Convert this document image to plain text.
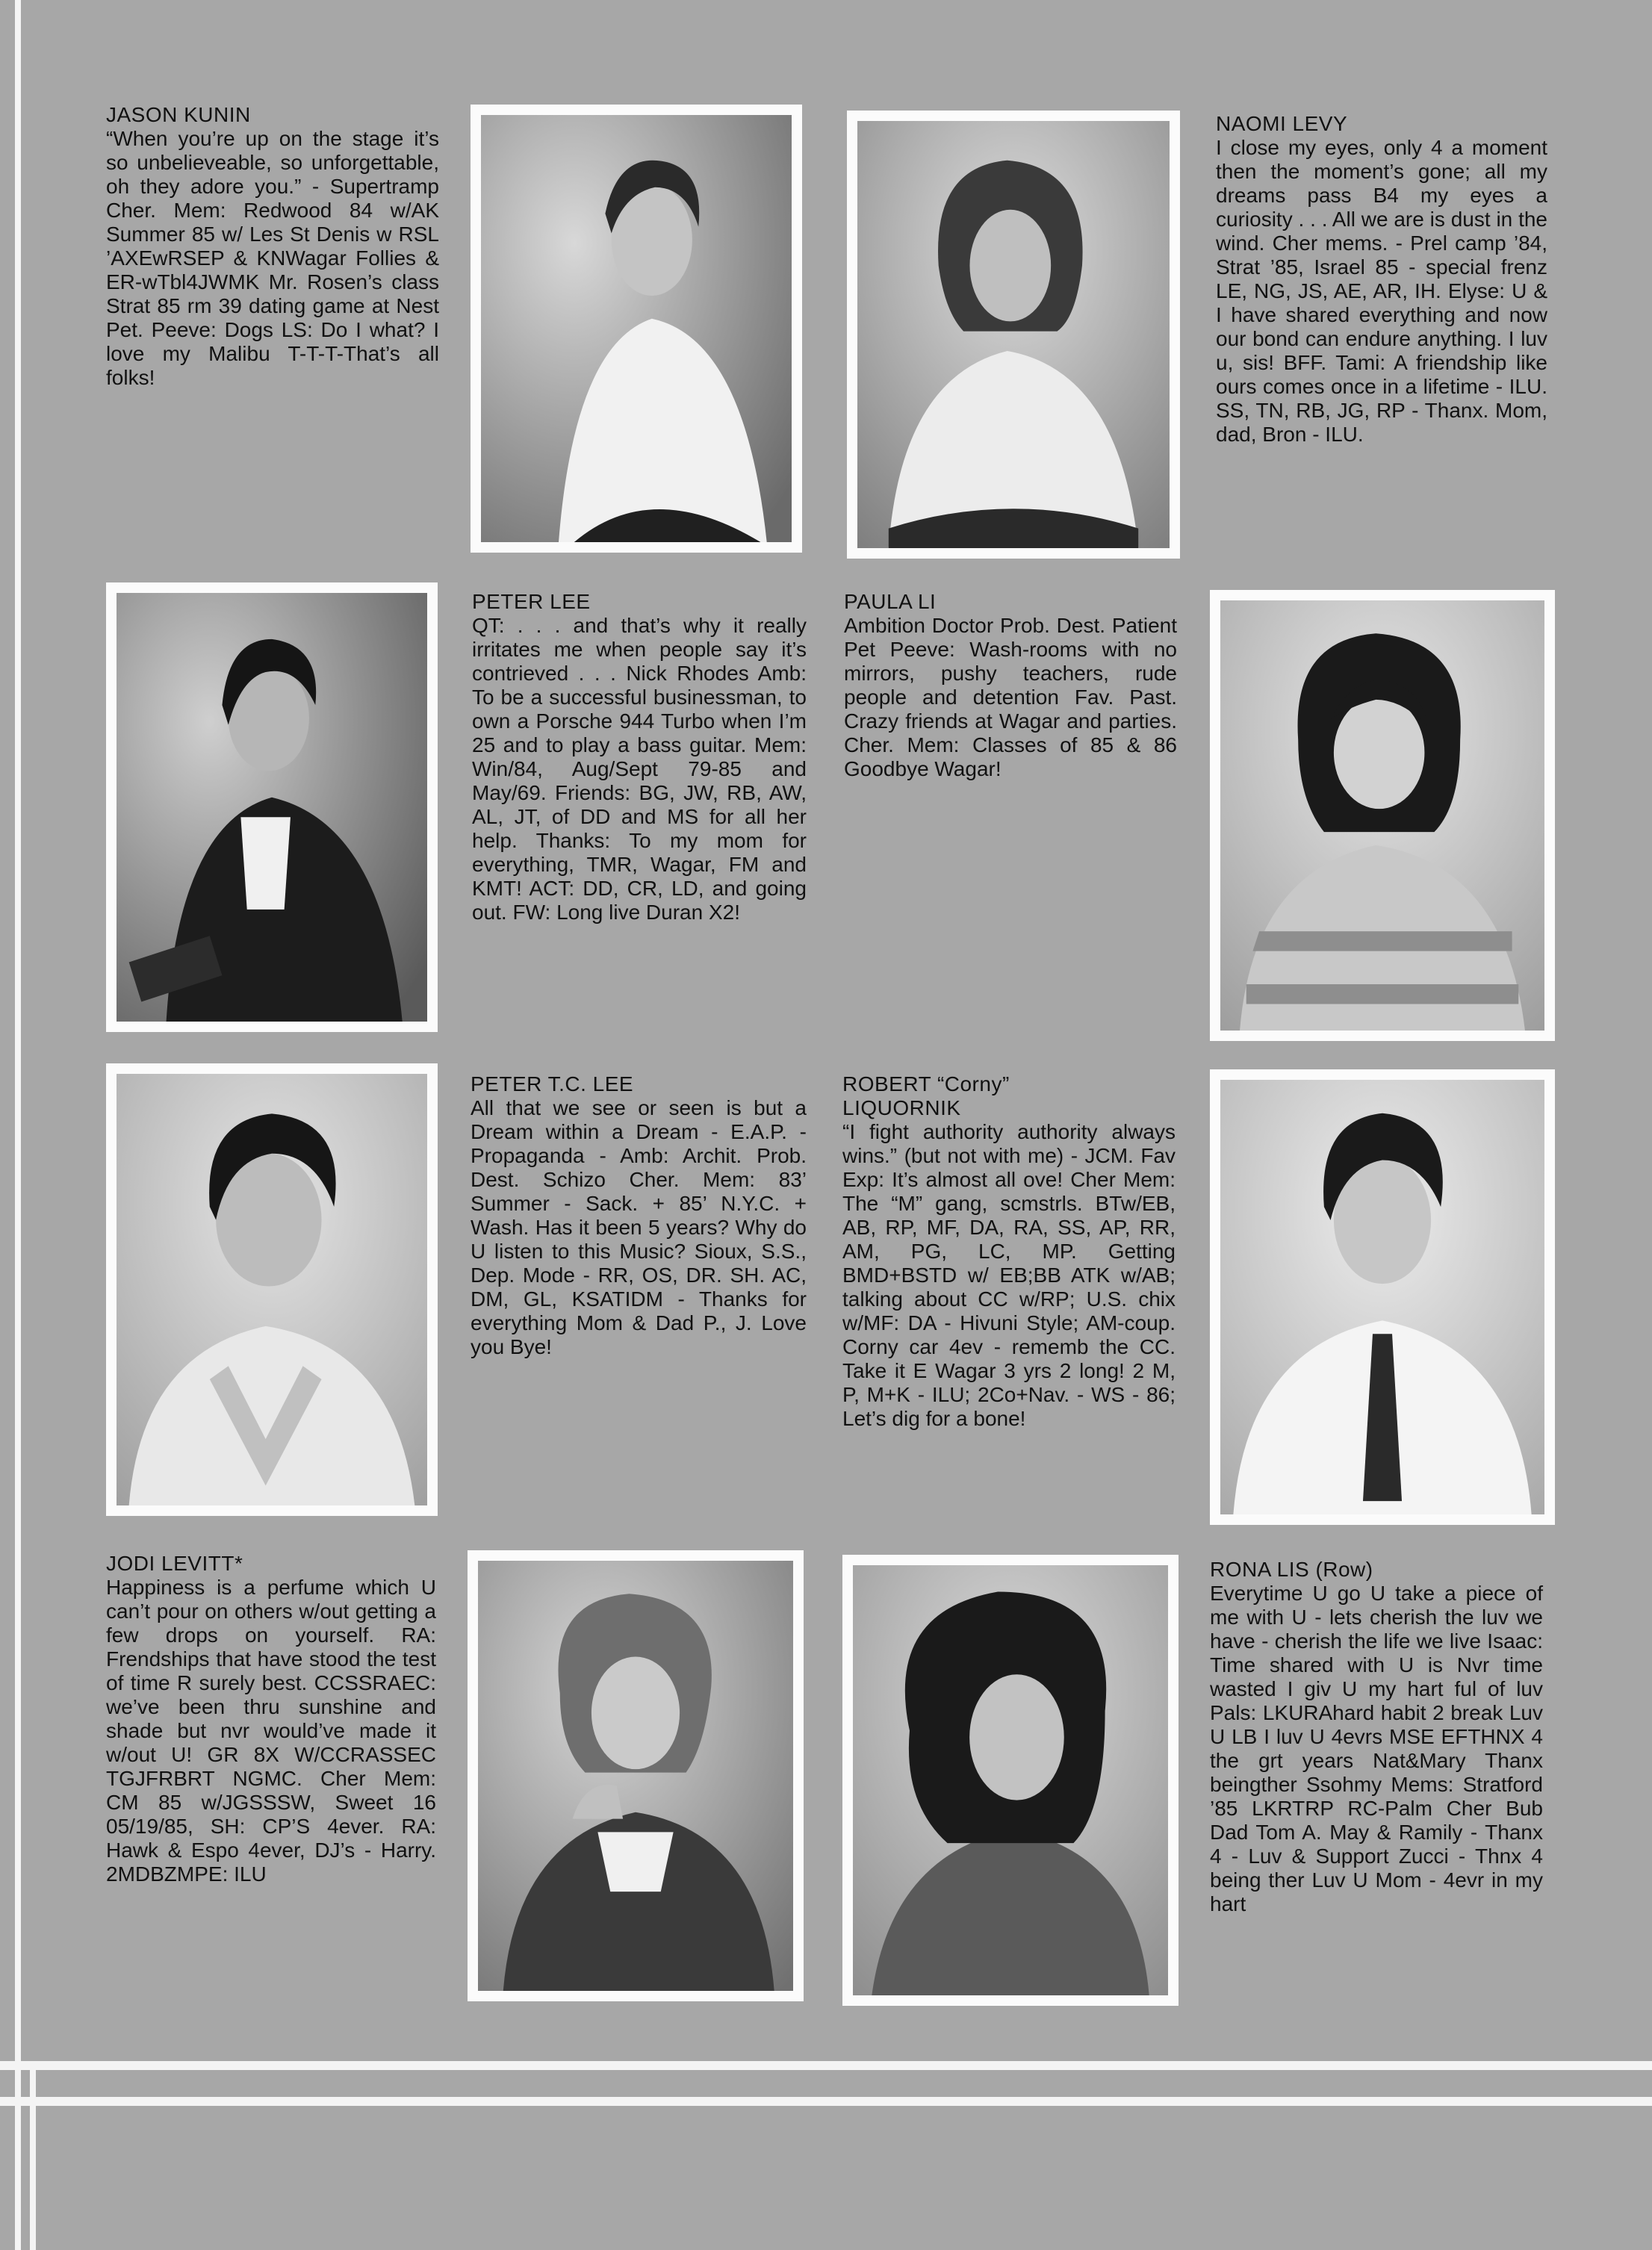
JASON KUNIN
“When you’re up on the stage it’s so unbelieveable, so unforgettable, oh they adore you.” - Supertramp Cher. Mem: Redwood 84 w/AK Summer 85 w/ Les St Denis w RSL ’AXEwRSEP & KNWagar Follies & ER-wTbl4JWMK Mr. Rosen’s class Strat 85 rm 39 dating game at Nest Pet. Peeve: Dogs LS: Do I what? I love my Malibu T-T-T-That’s all folks!
NAOMI LEVY
I close my eyes, only 4 a moment then the moment’s gone; all my dreams pass B4 my eyes a curiosity . . . All we are is dust in the wind. Cher mems. - Prel camp ’84, Strat ’85, Israel 85 - special frenz LE, NG, JS, AE, AR, IH. Elyse: U & I have shared everything and now our bond can endure anything. I luv u, sis! BFF. Tami: A friendship like ours comes once in a lifetime - ILU. SS, TN, RB, JG, RP - Thanx. Mom, dad, Bron - ILU.
PETER LEE
QT: . . . and that’s why it really irritates me when people say it’s contrieved . . . Nick Rhodes Amb: To be a successful businessman, to own a Porsche 944 Turbo when I’m 25 and to play a bass guitar. Mem: Win/84, Aug/Sept 79-85 and May/69. Friends: BG, JW, RB, AW, AL, JT, of DD and MS for all her help. Thanks: To my mom for everything, TMR, Wagar, FM and KMT! ACT: DD, CR, LD, and going out. FW: Long live Duran X2!
PAULA LI
Ambition Doctor Prob. Dest. Patient Pet Peeve: Wash-rooms with no mirrors, pushy teachers, rude people and detention Fav. Past. Crazy friends at Wagar and parties. Cher. Mem: Classes of 85 & 86 Goodbye Wagar!
PETER T.C. LEE
All that we see or seen is but a Dream within a Dream - E.A.P. - Propaganda - Amb: Archit. Prob. Dest. Schizo Cher. Mem: 83’ Summer - Sack. + 85’ N.Y.C. + Wash. Has it been 5 years? Why do U listen to this Music? Sioux, S.S., Dep. Mode - RR, OS, DR. SH. AC, DM, GL, KSATIDM - Thanks for everything Mom & Dad P., J. Love you Bye!
ROBERT “Corny” LIQUORNIK
“I fight authority authority always wins.” (but not with me) - JCM. Fav Exp: It’s almost all ove! Cher Mem: The “M” gang, scmstrls. BTw/EB, AB, RP, MF, DA, RA, SS, AP, RR, AM, PG, LC, MP. Getting BMD+BSTD w/ EB;BB ATK w/AB; talking about CC w/RP; U.S. chix w/MF: DA - Hivuni Style; AM-coup. Corny car 4ev - rememb the CC. Take it E Wagar 3 yrs 2 long! 2 M, P, M+K - ILU; 2Co+Nav. - WS - 86; Let’s dig for a bone!
JODI LEVITT*
Happiness is a perfume which U can’t pour on others w/out getting a few drops on yourself. RA: Frendships that have stood the test of time R surely best. CCSSRAEC: we’ve been thru sunshine and shade but nvr would’ve made it w/out U! GR 8X W/CCRASSEC TGJFRBRT NGMC. Cher Mem: CM 85 w/JGSSSW, Sweet 16 05/19/85, SH: CP’S 4ever. RA: Hawk & Espo 4ever, DJ’s - Harry. 2MDBZMPE: ILU
RONA LIS (Row)
Everytime U go U take a piece of me with U - lets cherish the luv we have - cherish the life we live Isaac: Time shared with U is Nvr time wasted I giv U my hart ful of luv Pals: LKURAhard habit 2 break Luv U LB I luv U 4evrs MSE EFTHNX 4 the grt years Nat&Mary Thanx beingther Ssohmy Mems: Stratford ’85 LKRTRP RC-Palm Cher Bub Dad Tom A. May & Ramily - Thanx 4 - Luv & Support Zucci - Thnx 4 being ther Luv U Mom - 4evr in my hart
